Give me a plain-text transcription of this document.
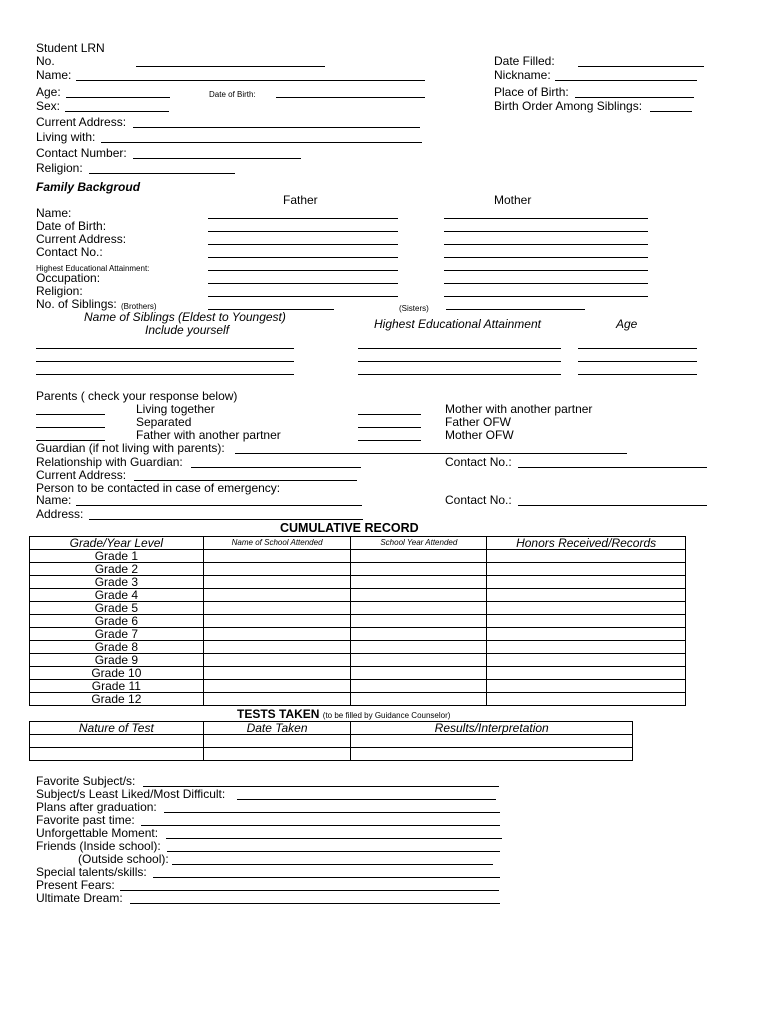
Student LRN
No.
Name:
Age:	Date of Birth:
Sex:
Current Address:
Living with:
Contact Number:
Religion:
Date Filled:
Nickname:
Place of Birth:
Birth Order Among Siblings:
Family Backgroud
Father	Mother
Name:
Date of Birth:
Current Address:
Contact No.:
Highest Educational Attainment:
Occupation:
Religion:
No. of Siblings: (Brothers)	(Sisters)
Name of Siblings (Eldest to Youngest)
Include yourself	Highest Educational Attainment	Age
Parents ( check your response below)
Living together
Separated
Father with another partner
Mother with another partner
Father OFW
Mother OFW
Guardian (if not living with parents):
Relationship with Guardian:	Contact No.:
Current Address:
Person to be contacted in case of emergency:
Name:	Contact No.:
Address:
CUMULATIVE RECORD
Grade/Year Level	Name of School Attended	School Year Attended	Honors Received/Records
Grade 1			
Grade 2			
Grade 3			
Grade 4			
Grade 5			
Grade 6			
Grade 7			
Grade 8			
Grade 9			
Grade 10			
Grade 11			
Grade 12			
TESTS TAKEN (to be filled by Guidance Counselor)
Nature of Test	Date Taken	Results/Interpretation

Favorite Subject/s:
Subject/s Least Liked/Most Difficult:
Plans after graduation:
Favorite past time:
Unforgettable Moment:
Friends (Inside school):
(Outside school):
Special talents/skills:
Present Fears:
Ultimate Dream:
